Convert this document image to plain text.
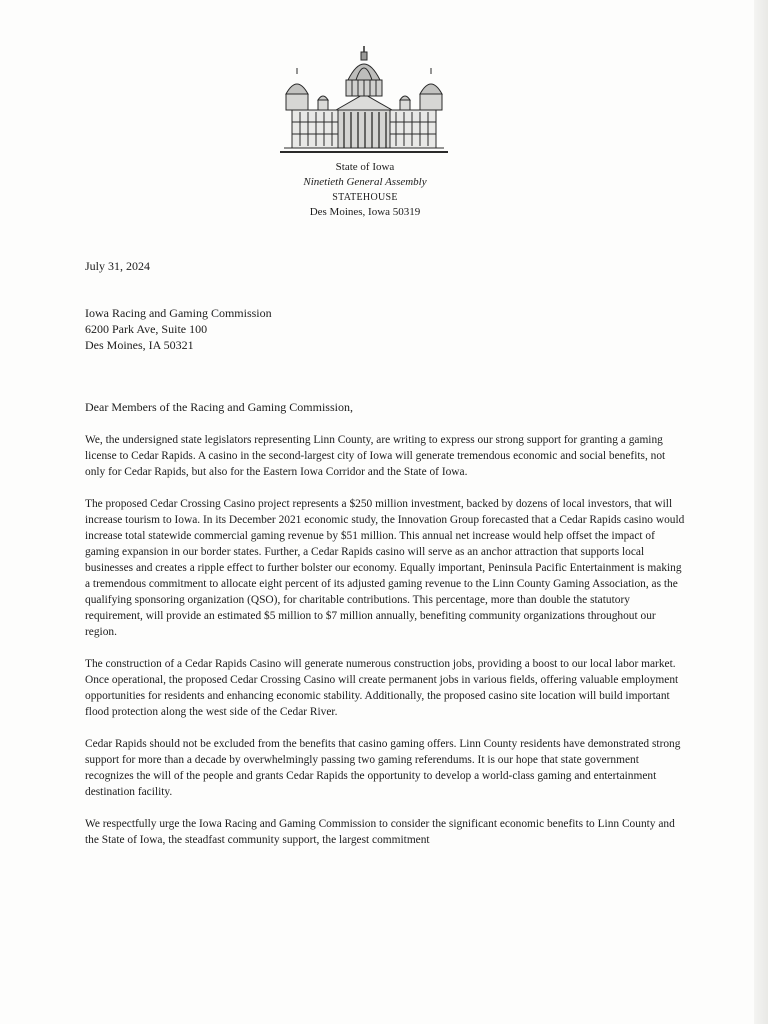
State of Iowa
Ninetieth General Assembly
STATEHOUSE
Des Moines, Iowa 50319
July 31, 2024
Iowa Racing and Gaming Commission
6200 Park Ave, Suite 100
Des Moines, IA 50321
Dear Members of the Racing and Gaming Commission,

We, the undersigned state legislators representing Linn County, are writing to express our strong support for granting a gaming license to Cedar Rapids. A casino in the second-largest city of Iowa will generate tremendous economic and social benefits, not only for Cedar Rapids, but also for the Eastern Iowa Corridor and the State of Iowa.

The proposed Cedar Crossing Casino project represents a $250 million investment, backed by dozens of local investors, that will increase tourism to Iowa. In its December 2021 economic study, the Innovation Group forecasted that a Cedar Rapids casino would increase total statewide commercial gaming revenue by $51 million. This annual net increase would help offset the impact of gaming expansion in our border states. Further, a Cedar Rapids casino will serve as an anchor attraction that supports local businesses and creates a ripple effect to further bolster our economy. Equally important, Peninsula Pacific Entertainment is making a tremendous commitment to allocate eight percent of its adjusted gaming revenue to the Linn County Gaming Association, as the qualifying sponsoring organization (QSO), for charitable contributions. This percentage, more than double the statutory requirement, will provide an estimated $5 million to $7 million annually, benefiting community organizations throughout our region.

The construction of a Cedar Rapids Casino will generate numerous construction jobs, providing a boost to our local labor market. Once operational, the proposed Cedar Crossing Casino will create permanent jobs in various fields, offering valuable employment opportunities for residents and enhancing economic stability. Additionally, the proposed casino site location will build important flood protection along the west side of the Cedar River.

Cedar Rapids should not be excluded from the benefits that casino gaming offers. Linn County residents have demonstrated strong support for more than a decade by overwhelmingly passing two gaming referendums. It is our hope that state government recognizes the will of the people and grants Cedar Rapids the opportunity to develop a world-class gaming and entertainment destination facility.

We respectfully urge the Iowa Racing and Gaming Commission to consider the significant economic benefits to Linn County and the State of Iowa, the steadfast community support, the largest commitment
